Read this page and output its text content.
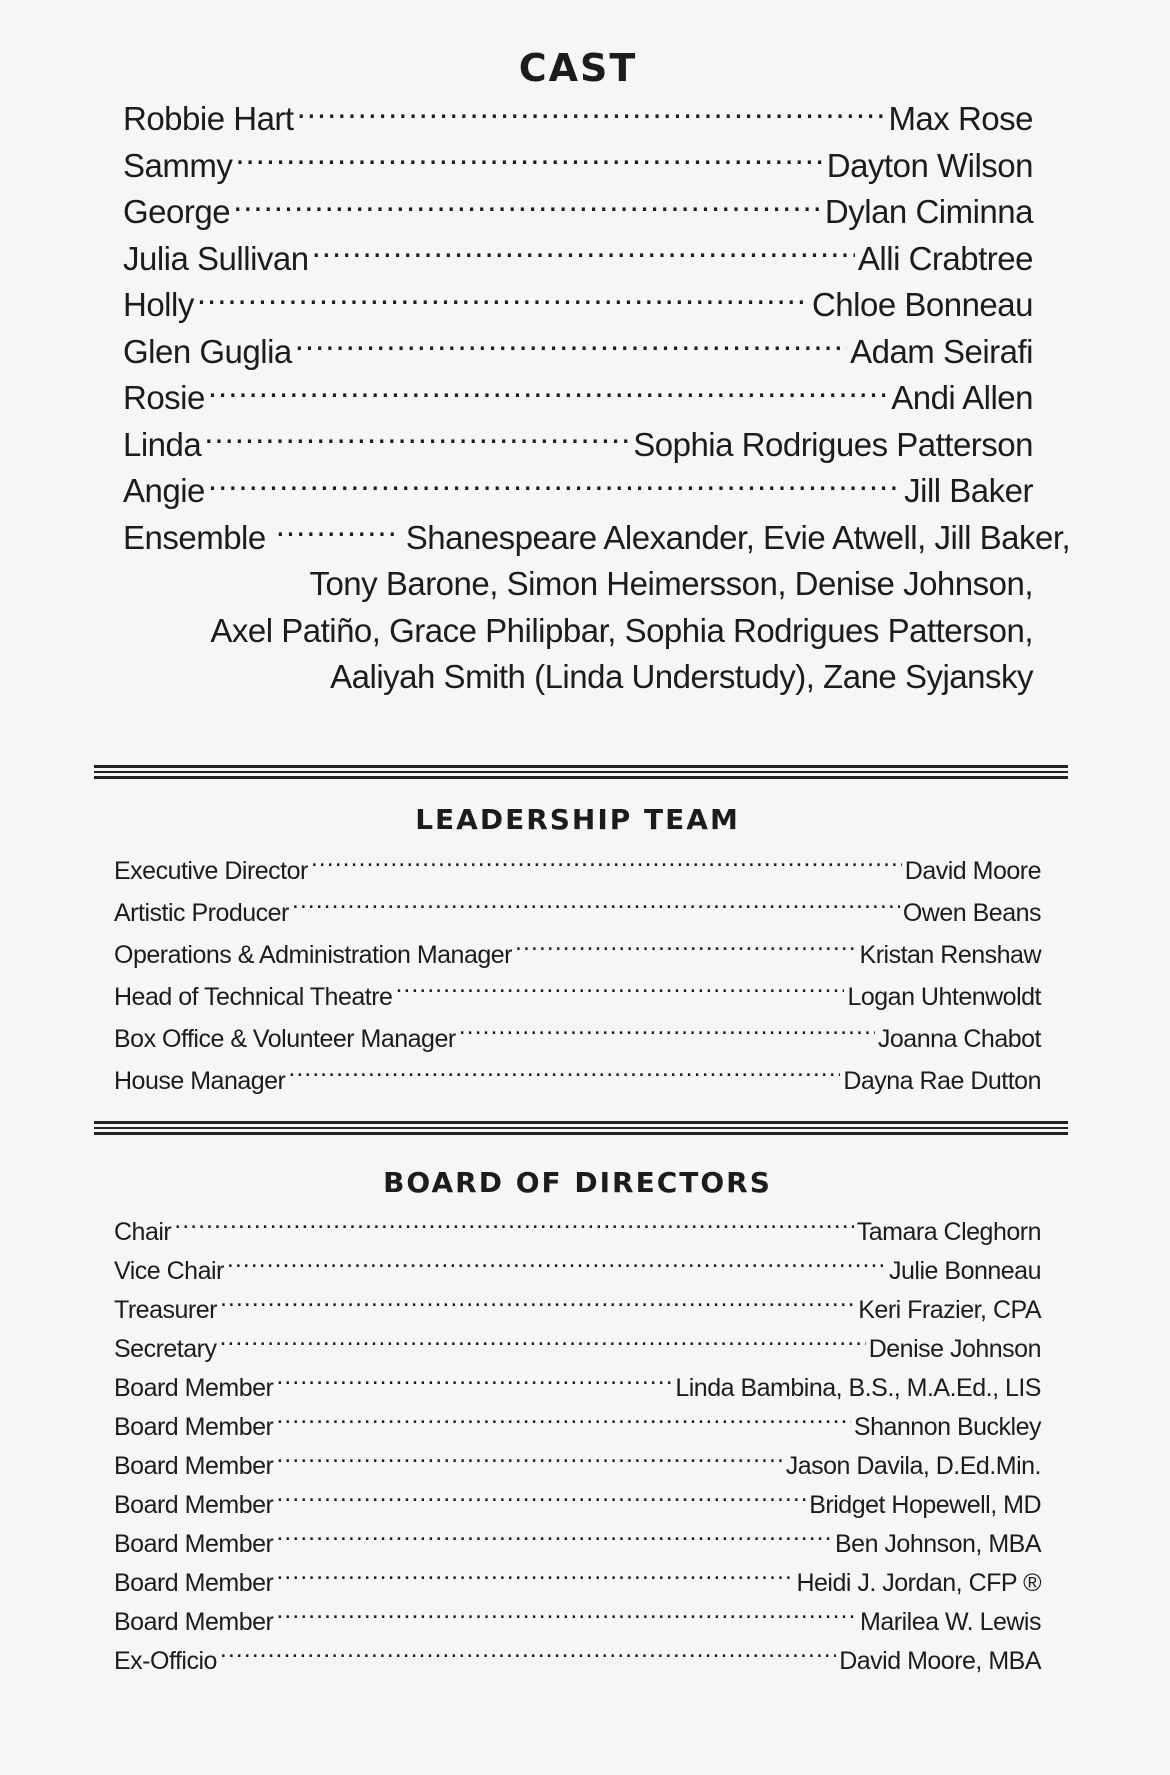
CAST
Robbie Hart .....	Max Rose
Sammy .....	Dayton Wilson
George .....	Dylan Ciminna
Julia Sullivan .....	Alli Crabtree
Holly .....	Chloe Bonneau
Glen Guglia .....	Adam Seirafi
Rosie .....	Andi Allen
Linda .....	Sophia Rodrigues Patterson
Angie .....	Jill Baker
Ensemble .....	Shanespeare Alexander, Evie Atwell, Jill Baker,
Tony Barone, Simon Heimersson, Denise Johnson,
Axel Patiño, Grace Philipbar, Sophia Rodrigues Patterson,
Aaliyah Smith (Linda Understudy), Zane Syjansky
LEADERSHIP TEAM
Executive Director .....	David Moore
Artistic Producer .....	Owen Beans
Operations & Administration Manager .....	Kristan Renshaw
Head of Technical Theatre .....	Logan Uhtenwoldt
Box Office & Volunteer Manager .....	Joanna Chabot
House Manager .....	Dayna Rae Dutton
BOARD OF DIRECTORS
Chair .....	Tamara Cleghorn
Vice Chair .....	Julie Bonneau
Treasurer .....	Keri Frazier, CPA
Secretary .....	Denise Johnson
Board Member .....	Linda Bambina, B.S., M.A.Ed., LIS
Board Member .....	Shannon Buckley
Board Member .....	Jason Davila, D.Ed.Min.
Board Member .....	Bridget Hopewell, MD
Board Member .....	Ben Johnson, MBA
Board Member .....	Heidi J. Jordan, CFP ®
Board Member .....	Marilea W. Lewis
Ex-Officio .....	David Moore, MBA
